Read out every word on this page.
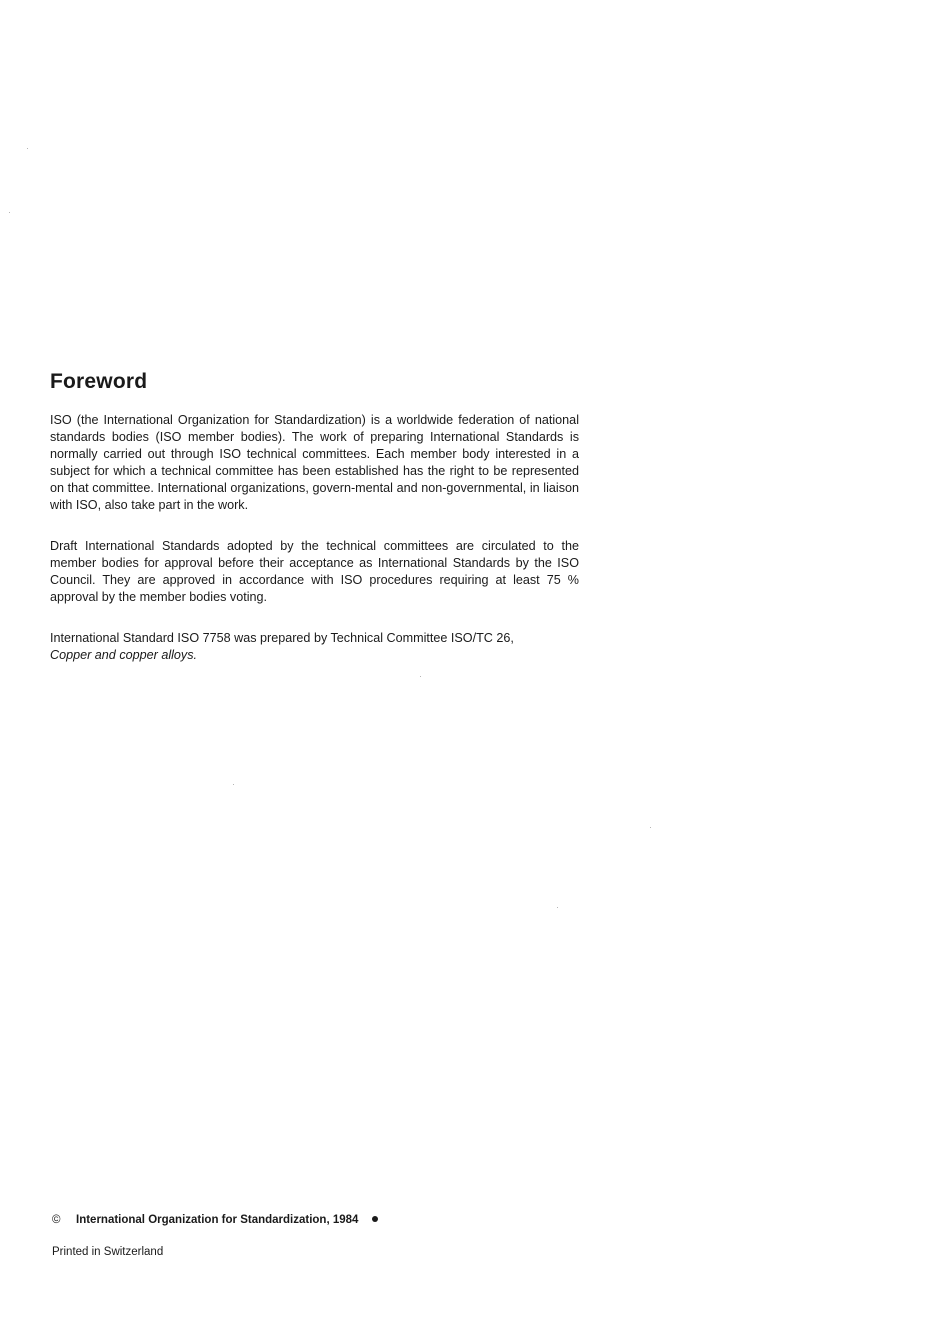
Foreword

ISO (the International Organization for Standardization) is a worldwide federation of national standards bodies (ISO member bodies). The work of preparing International Standards is normally carried out through ISO technical committees. Each member body interested in a subject for which a technical committee has been established has the right to be represented on that committee. International organizations, govern-mental and non-governmental, in liaison with ISO, also take part in the work.

Draft International Standards adopted by the technical committees are circulated to the member bodies for approval before their acceptance as International Standards by the ISO Council. They are approved in accordance with ISO procedures requiring at least 75 % approval by the member bodies voting.

International Standard ISO 7758 was prepared by Technical Committee ISO/TC 26,
Copper and copper alloys.

© International Organization for Standardization, 1984
Printed in Switzerland
